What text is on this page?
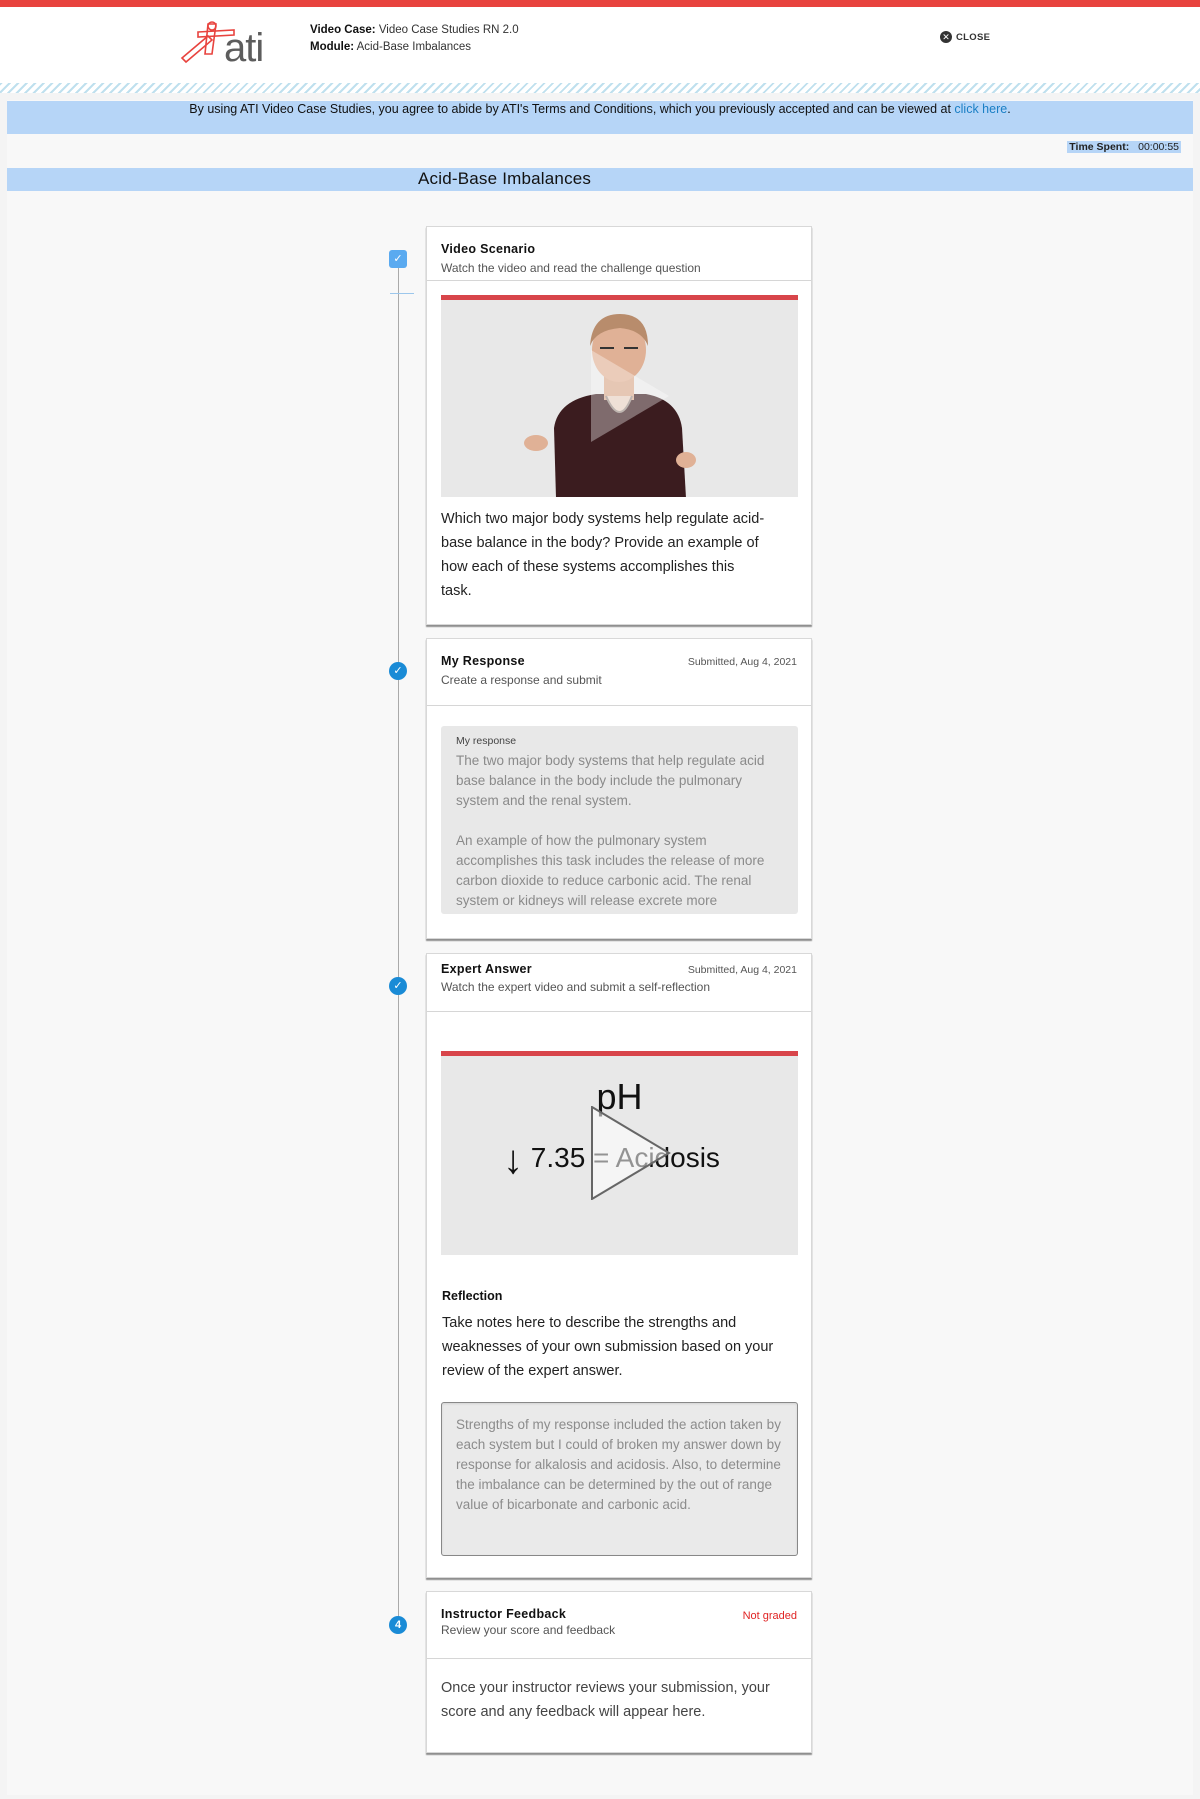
ati	Video Case: Video Case Studies RN 2.0
Module: Acid-Base Imbalances
✕ CLOSE
By using ATI Video Case Studies, you agree to abide by ATI's Terms and Conditions, which you previously accepted and can be viewed at click here.
Time Spent: 00:00:55
Acid-Base Imbalances
✓
✓
✓
4
Video Scenario
Watch the video and read the challenge question
Which two major body systems help regulate acid-base balance in the body? Provide an example of how each of these systems accomplishes this task.
My Response	Submitted, Aug 4, 2021
Create a response and submit
My response
The two major body systems that help regulate acid base balance in the body include the pulmonary system and the renal system.

An example of how the pulmonary system accomplishes this task includes the release of more carbon dioxide to reduce carbonic acid. The renal system or kidneys will release excrete more
Expert Answer	Submitted, Aug 4, 2021
Watch the expert video and submit a self-reflection
pH
↓ 7.35 = Acidosis
Reflection
Take notes here to describe the strengths and weaknesses of your own submission based on your review of the expert answer.
Strengths of my response included the action taken by each system but I could of broken my answer down by response for alkalosis and acidosis. Also, to determine the imbalance can be determined by the out of range value of bicarbonate and carbonic acid.
Instructor Feedback	Not graded
Review your score and feedback
Once your instructor reviews your submission, your score and any feedback will appear here.
